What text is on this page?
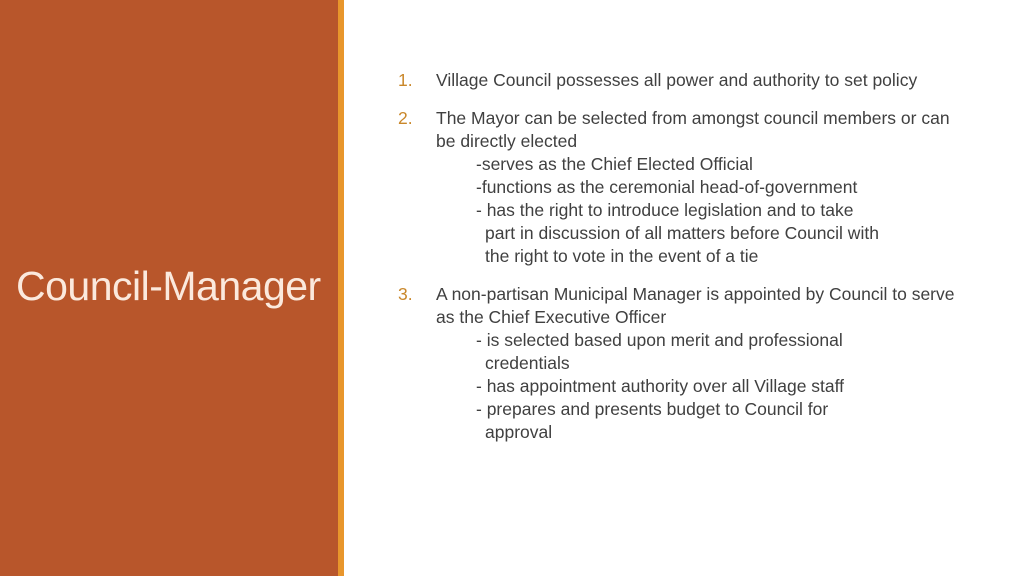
Council-Manager
1. Village Council possesses all power and authority to set policy
2. The Mayor can be selected from amongst council members or can be directly elected
-serves as the Chief Elected Official
-functions as the ceremonial head-of-government
- has the right to introduce legislation and to take
part in discussion of all matters before Council with
the right to vote in the event of a tie
3. A non-partisan Municipal Manager is appointed by Council to serve as the Chief Executive Officer
- is selected based upon merit and professional
credentials
- has appointment authority over all Village staff
- prepares and presents budget to Council for
approval
